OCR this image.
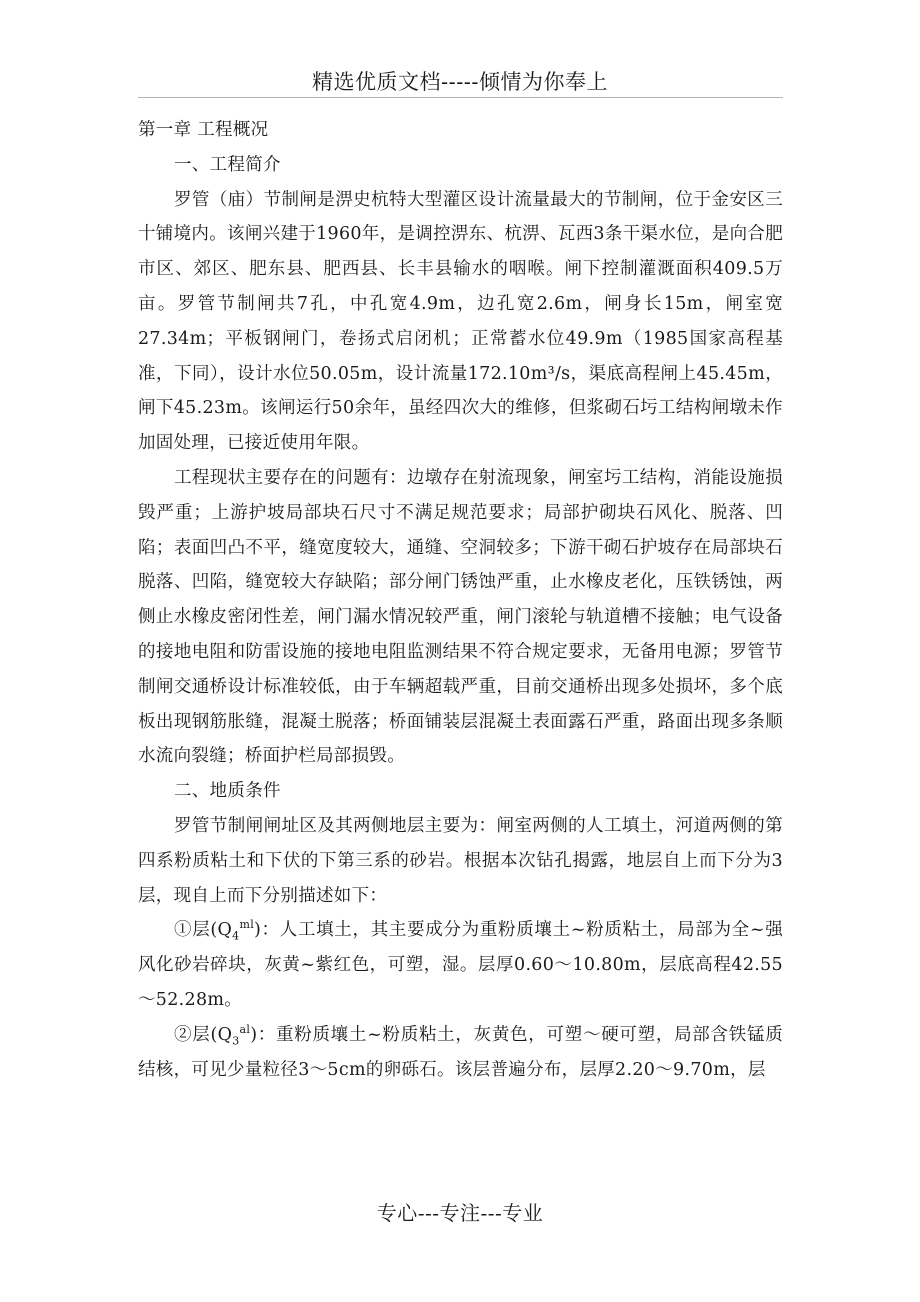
精选优质文档-----倾情为你奉上

第一章 工程概况

一、工程简介

罗管（庙）节制闸是淠史杭特大型灌区设计流量最大的节制闸，位于金安区三十铺境内。该闸兴建于1960年，是调控淠东、杭淠、瓦西3条干渠水位，是向合肥市区、郊区、肥东县、肥西县、长丰县输水的咽喉。闸下控制灌溉面积409.5万亩。罗管节制闸共7孔，中孔宽4.9m，边孔宽2.6m，闸身长15m，闸室宽27.34m；平板钢闸门，卷扬式启闭机；正常蓄水位49.9m（1985国家高程基准，下同），设计水位50.05m，设计流量172.10m³/s，渠底高程闸上45.45m，闸下45.23m。该闸运行50余年，虽经四次大的维修，但浆砌石圬工结构闸墩未作加固处理，已接近使用年限。

工程现状主要存在的问题有：边墩存在射流现象，闸室圬工结构，消能设施损毁严重；上游护坡局部块石尺寸不满足规范要求；局部护砌块石风化、脱落、凹陷；表面凹凸不平，缝宽度较大，通缝、空洞较多；下游干砌石护坡存在局部块石脱落、凹陷，缝宽较大存缺陷；部分闸门锈蚀严重，止水橡皮老化，压铁锈蚀，两侧止水橡皮密闭性差，闸门漏水情况较严重，闸门滚轮与轨道槽不接触；电气设备的接地电阻和防雷设施的接地电阻监测结果不符合规定要求，无备用电源；罗管节制闸交通桥设计标准较低，由于车辆超载严重，目前交通桥出现多处损坏，多个底板出现钢筋胀缝，混凝土脱落；桥面铺装层混凝土表面露石严重，路面出现多条顺水流向裂缝；桥面护栏局部损毁。

二、地质条件

罗管节制闸闸址区及其两侧地层主要为：闸室两侧的人工填土，河道两侧的第四系粉质粘土和下伏的下第三系的砂岩。根据本次钻孔揭露，地层自上而下分为3层，现自上而下分别描述如下：

①层$(Q_4^{ml})$：人工填土，其主要成分为重粉质壤土~粉质粘土，局部为全~强风化砂岩碎块，灰黄~紫红色，可塑，湿。层厚0.60～10.80m，层底高程42.55～52.28m。

②层$(Q_3^{al})$：重粉质壤土~粉质粘土，灰黄色，可塑～硬可塑，局部含铁锰质结核，可见少量粒径3～5cm的卵砾石。该层普遍分布，层厚2.20～9.70m，层

专心---专注---专业
